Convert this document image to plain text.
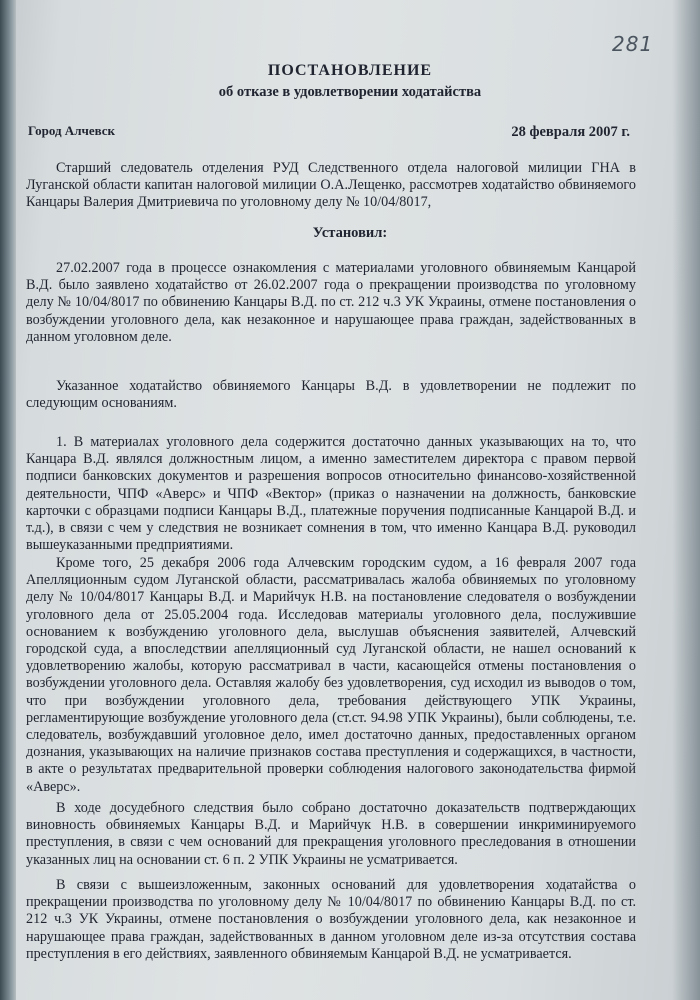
281
ПОСТАНОВЛЕНИЕ
об отказе в удовлетворении ходатайства
Город Алчевск	28 февраля 2007 г.
Старший следователь отделения РУД Следственного отдела налоговой милиции ГНА в Луганской области капитан налоговой милиции О.А.Лещенко, рассмотрев ходатайство обвиняемого Канцары Валерия Дмитриевича по уголовному делу № 10/04/8017,
Установил:
27.02.2007 года в процессе ознакомления с материалами уголовного обвиняемым Канцарой В.Д. было заявлено ходатайство от 26.02.2007 года о прекращении производства по уголовному делу № 10/04/8017 по обвинению Канцары В.Д. по ст. 212 ч.3 УК Украины, отмене постановления о возбуждении уголовного дела, как незаконное и нарушающее права граждан, задействованных в данном уголовном деле.
Указанное ходатайство обвиняемого Канцары В.Д. в удовлетворении не подлежит по следующим основаниям.
1. В материалах уголовного дела содержится достаточно данных указывающих на то, что Канцара В.Д. являлся должностным лицом, а именно заместителем директора с правом первой подписи банковских документов и разрешения вопросов относительно финансово-хозяйственной деятельности, ЧПФ «Аверс» и ЧПФ «Вектор» (приказ о назначении на должность, банковские карточки с образцами подписи Канцары В.Д., платежные поручения подписанные Канцарой В.Д. и т.д.), в связи с чем у следствия не возникает сомнения в том, что именно Канцара В.Д. руководил вышеуказанными предприятиями.
Кроме того, 25 декабря 2006 года Алчевским городским судом, а 16 февраля 2007 года Апелляционным судом Луганской области, рассматривалась жалоба обвиняемых по уголовному делу № 10/04/8017 Канцары В.Д. и Марийчук Н.В. на постановление следователя о возбуждении уголовного дела от 25.05.2004 года. Исследовав материалы уголовного дела, послужившие основанием к возбуждению уголовного дела, выслушав объяснения заявителей, Алчевский городской суда, а впоследствии апелляционный суд Луганской области, не нашел оснований к удовлетворению жалобы, которую рассматривал в части, касающейся отмены постановления о возбуждении уголовного дела. Оставляя жалобу без удовлетворения, суд исходил из выводов о том, что при возбуждении уголовного дела, требования действующего УПК Украины, регламентирующие возбуждение уголовного дела (ст.ст. 94.98 УПК Украины), были соблюдены, т.е. следователь, возбуждавший уголовное дело, имел достаточно данных, предоставленных органом дознания, указывающих на наличие признаков состава преступления и содержащихся, в частности, в акте о результатах предварительной проверки соблюдения налогового законодательства фирмой «Аверс».
В ходе досудебного следствия было собрано достаточно доказательств подтверждающих виновность обвиняемых Канцары В.Д. и Марийчук Н.В. в совершении инкриминируемого преступления, в связи с чем оснований для прекращения уголовного преследования в отношении указанных лиц на основании ст. 6 п. 2 УПК Украины не усматривается.
В связи с вышеизложенным, законных оснований для удовлетворения ходатайства о прекращении производства по уголовному делу № 10/04/8017 по обвинению Канцары В.Д. по ст. 212 ч.3 УК Украины, отмене постановления о возбуждении уголовного дела, как незаконное и нарушающее права граждан, задействованных в данном уголовном деле из-за отсутствия состава преступления в его действиях, заявленного обвиняемым Канцарой В.Д. не усматривается.
